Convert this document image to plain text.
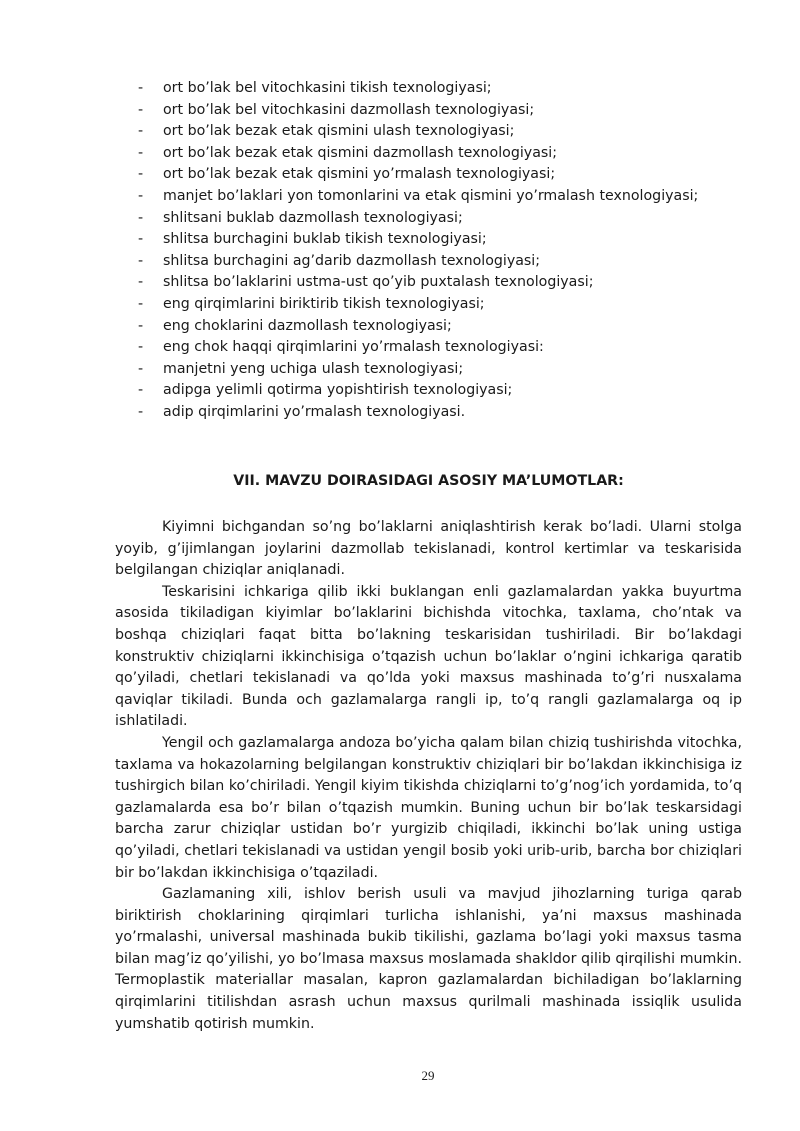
-	ort bo’lak bel vitochkasini tikish texnologiyasi;
-	ort bo’lak bel vitochkasini dazmollash texnologiyasi;
-	ort bo’lak bezak etak qismini ulash texnologiyasi;
-	ort bo’lak bezak etak qismini dazmollash texnologiyasi;
-	ort bo’lak bezak etak qismini yo’rmalash texnologiyasi;
-	manjet bo’laklari yon tomonlarini va etak qismini yo’rmalash texnologiyasi;
-	shlitsani buklab dazmollash texnologiyasi;
-	shlitsa burchagini buklab tikish texnologiyasi;
-	shlitsa burchagini ag’darib dazmollash texnologiyasi;
-	shlitsa bo’laklarini ustma-ust qo’yib puxtalash texnologiyasi;
-	eng qirqimlarini biriktirib tikish texnologiyasi;
-	eng choklarini dazmollash texnologiyasi;
-	eng chok haqqi qirqimlarini yo’rmalash texnologiyasi:
-	manjetni yeng uchiga ulash texnologiyasi;
-	adipga yelimli qotirma yopishtirish texnologiyasi;
-	adip qirqimlarini yo’rmalash texnologiyasi.
VII. MAVZU DOIRASIDAGI ASOSIY MA’LUMOTLAR:

Kiyimni bichgandan so’ng bo’laklarni aniqlashtirish kerak bo’ladi. Ularni stolga yoyib, g’ijimlangan joylarini dazmollab tekislanadi, kontrol kertimlar va teskarisida belgilangan chiziqlar aniqlanadi.

Teskarisini ichkariga qilib ikki buklangan enli gazlamalardan yakka buyurtma asosida tikiladigan kiyimlar bo’laklarini bichishda vitochka, taxlama, cho’ntak va boshqa chiziqlari faqat bitta bo’lakning teskarisidan tushiriladi. Bir bo’lakdagi konstruktiv chiziqlarni ikkinchisiga o’tqazish uchun bo’laklar o’ngini ichkariga qaratib qo’yiladi, chetlari tekislanadi va qo’lda yoki maxsus mashinada to’g’ri nusxalama qaviqlar tikiladi. Bunda och gazlamalarga rangli ip, to’q rangli gazlamalarga oq ip ishlatiladi.

Yengil och gazlamalarga andoza bo’yicha qalam bilan chiziq tushirishda vitochka, taxlama va hokazolarning belgilangan konstruktiv chiziqlari bir bo’lakdan ikkinchisiga iz tushirgich bilan ko’chiriladi. Yengil kiyim tikishda chiziqlarni to’g’nog’ich yordamida, to’q gazlamalarda esa bo’r bilan o’tqazish mumkin. Buning uchun bir bo’lak teskarsidagi barcha zarur chiziqlar ustidan bo’r yurgizib chiqiladi, ikkinchi bo’lak uning ustiga qo’yiladi, chetlari tekislanadi va ustidan yengil bosib yoki urib-urib, barcha bor chiziqlari bir bo’lakdan ikkinchisiga o’tqaziladi.

Gazlamaning xili, ishlov berish usuli va mavjud jihozlarning turiga qarab biriktirish choklarining qirqimlari turlicha ishlanishi, ya’ni maxsus mashinada yo’rmalashi, universal mashinada bukib tikilishi, gazlama bo’lagi yoki maxsus tasma bilan mag’iz qo’yilishi, yo bo’lmasa maxsus moslamada shakldor qilib qirqilishi mumkin. Termoplastik materiallar masalan, kapron gazlamalardan bichiladigan bo’laklarning qirqimlarini titilishdan asrash uchun maxsus qurilmali mashinada issiqlik usulida yumshatib qotirish mumkin.

29
